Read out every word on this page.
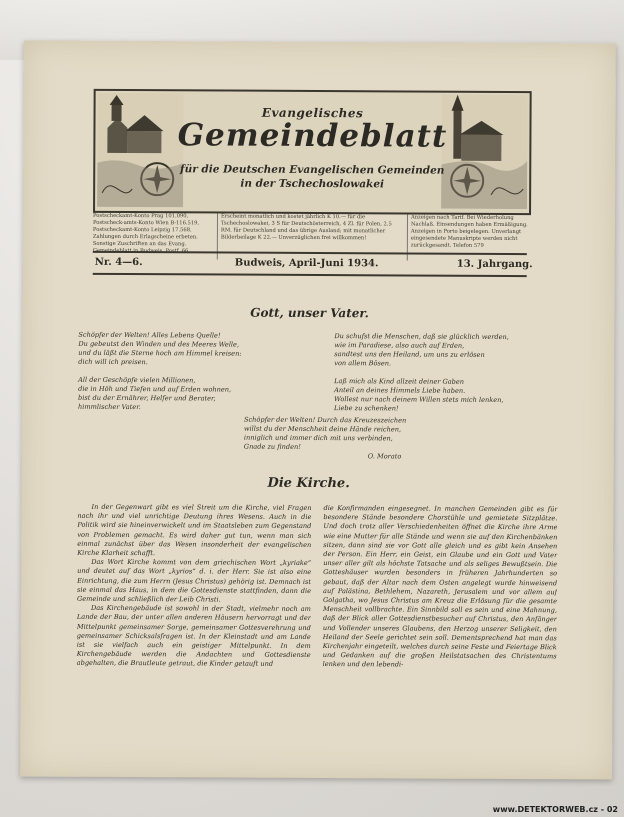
Evangelisches
Gemeindeblatt
für die Deutschen Evangelischen Gemeinden
in der Tschechoslowakei
Postscheckamt-Konto Prag 101.090, Postscheck-amts-Konto Wien B-116.519, Postscheckamt-Konto Leipzig 17.568. Zahlungen durch Erlagscheine erbeten. Sonstige Zuschriften an das Evang.
Erscheint monatlich und kostet jährlich K 10.— für die Tschechoslowakei, 3 S für Deutschösterreich, 4 Zl. für Polen, 2.5 RM. für Deutschland und das übrige Ausland; mit monatlicher Bilderbeilage K 22.— Unverzüglichen frei willkommen!
Anzeigen nach Tarif. Bei Wiederholung Nachlaß. Einsendungen haben Ermäßigung. Anzeigen in Porto beigelegen. Unverlangt eingesendete Manuskripte werden nicht zurückgesandt. Telefon 579
Nr. 4—6.	Budweis, April-Juni 1934.	13. Jahrgang.
Gott, unser Vater.
Schöpfer der Welten! Alles Lebens Quelle!
Du gebeutst den Winden und des Meeres Welle,
und du läßt die Sterne hoch am Himmel kreisen:
dich will ich preisen.

All der Geschöpfe vielen Millionen,
die in Höh und Tiefen und auf Erden wohnen,
bist du der Ernährer, Helfer und Berater,
himmlischer Vater.
Du schufst die Menschen, daß sie glücklich werden,
wie im Paradiese, also auch auf Erden,
sandtest uns den Heiland, um uns zu erlösen
von allem Bösen.

Laß mich als Kind allzeit deiner Gaben
Anteil an deines Himmels Liebe haben.
Wollest nur nach deinem Willen stets mich lenken,
Liebe zu schenken!
Schöpfer der Welten! Durch das Kreuzeszeichen
willst du der Menschheit deine Hände reichen,
inniglich und immer dich mit uns verbinden,
Gnade zu finden!
O. Morato
Die Kirche.

In der Gegenwart gibt es viel Streit um die Kirche, viel Fragen nach ihr und viel unrichtige Deutung ihres Wesens. Auch in die Politik wird sie hineinverwickelt und im Staatsleben zum Gegenstand von Problemen gemacht. Es wird daher gut tun, wenn man sich einmal zunächst über das Wesen insonderheit der evangelischen Kirche Klarheit schafft.

Das Wort Kirche kommt von dem griechischen Wort „kyriake“ und deutet auf das Wort „kyrios“ d. i. der Herr. Sie ist also eine Einrichtung, die zum Herrn (Jesus Christus) gehörig ist. Demnach ist sie einmal das Haus, in dem die Gottesdienste stattfinden, dann die Gemeinde und schließlich der Leib Christi.

Das Kirchengebäude ist sowohl in der Stadt, vielmehr noch am Lande der Bau, der unter allen anderen Häusern hervorragt und der Mittelpunkt gemeinsamer Sorge, gemeinsamer Gottesverehrung und gemeinsamer Schicksalsfragen ist. In der Kleinstadt und am Lande ist sie vielfach auch ein geistiger Mittelpunkt. In dem Kirchengebäude werden die Andachten und Gottesdienste abgehalten, die Brautleute getraut, die Kinder getauft und

die Konfirmanden eingesegnet. In manchen Gemeinden gibt es für besondere Stände besondere Chorstühle und gemietete Sitzplätze. Und doch trotz aller Verschiedenheiten öffnet die Kirche ihre Arme wie eine Mutter für alle Stände und wenn sie auf den Kirchenbänken sitzen, dann sind sie vor Gott alle gleich und es gibt kein Ansehen der Person. Ein Herr, ein Geist, ein Glaube und ein Gott und Vater unser aller gilt als höchste Tatsache und als seliges Bewußtsein. Die Gotteshäuser wurden besonders in früheren Jahrhunderten so gebaut, daß der Altar nach dem Osten angelegt wurde hinweisend auf Palästina, Bethlehem, Nazareth, Jerusalem und vor allem auf Golgatha, wo Jesus Christus am Kreuz die Erlösung für die gesamte Menschheit vollbrachte. Ein Sinnbild soll es sein und eine Mahnung, daß der Blick aller Gottesdienstbesucher auf Christus, den Anfänger und Vollender unseres Glaubens, den Herzog unserer Seligkeit, den Heiland der Seele gerichtet sein soll. Dementsprechend hat man das Kirchenjahr eingeteilt, welches durch seine Feste und Feiertage Blick und Gedanken auf die großen Heilstatsachen des Christentums lenken und den lebendi-

www.DETEKTORWEB.cz - 02
